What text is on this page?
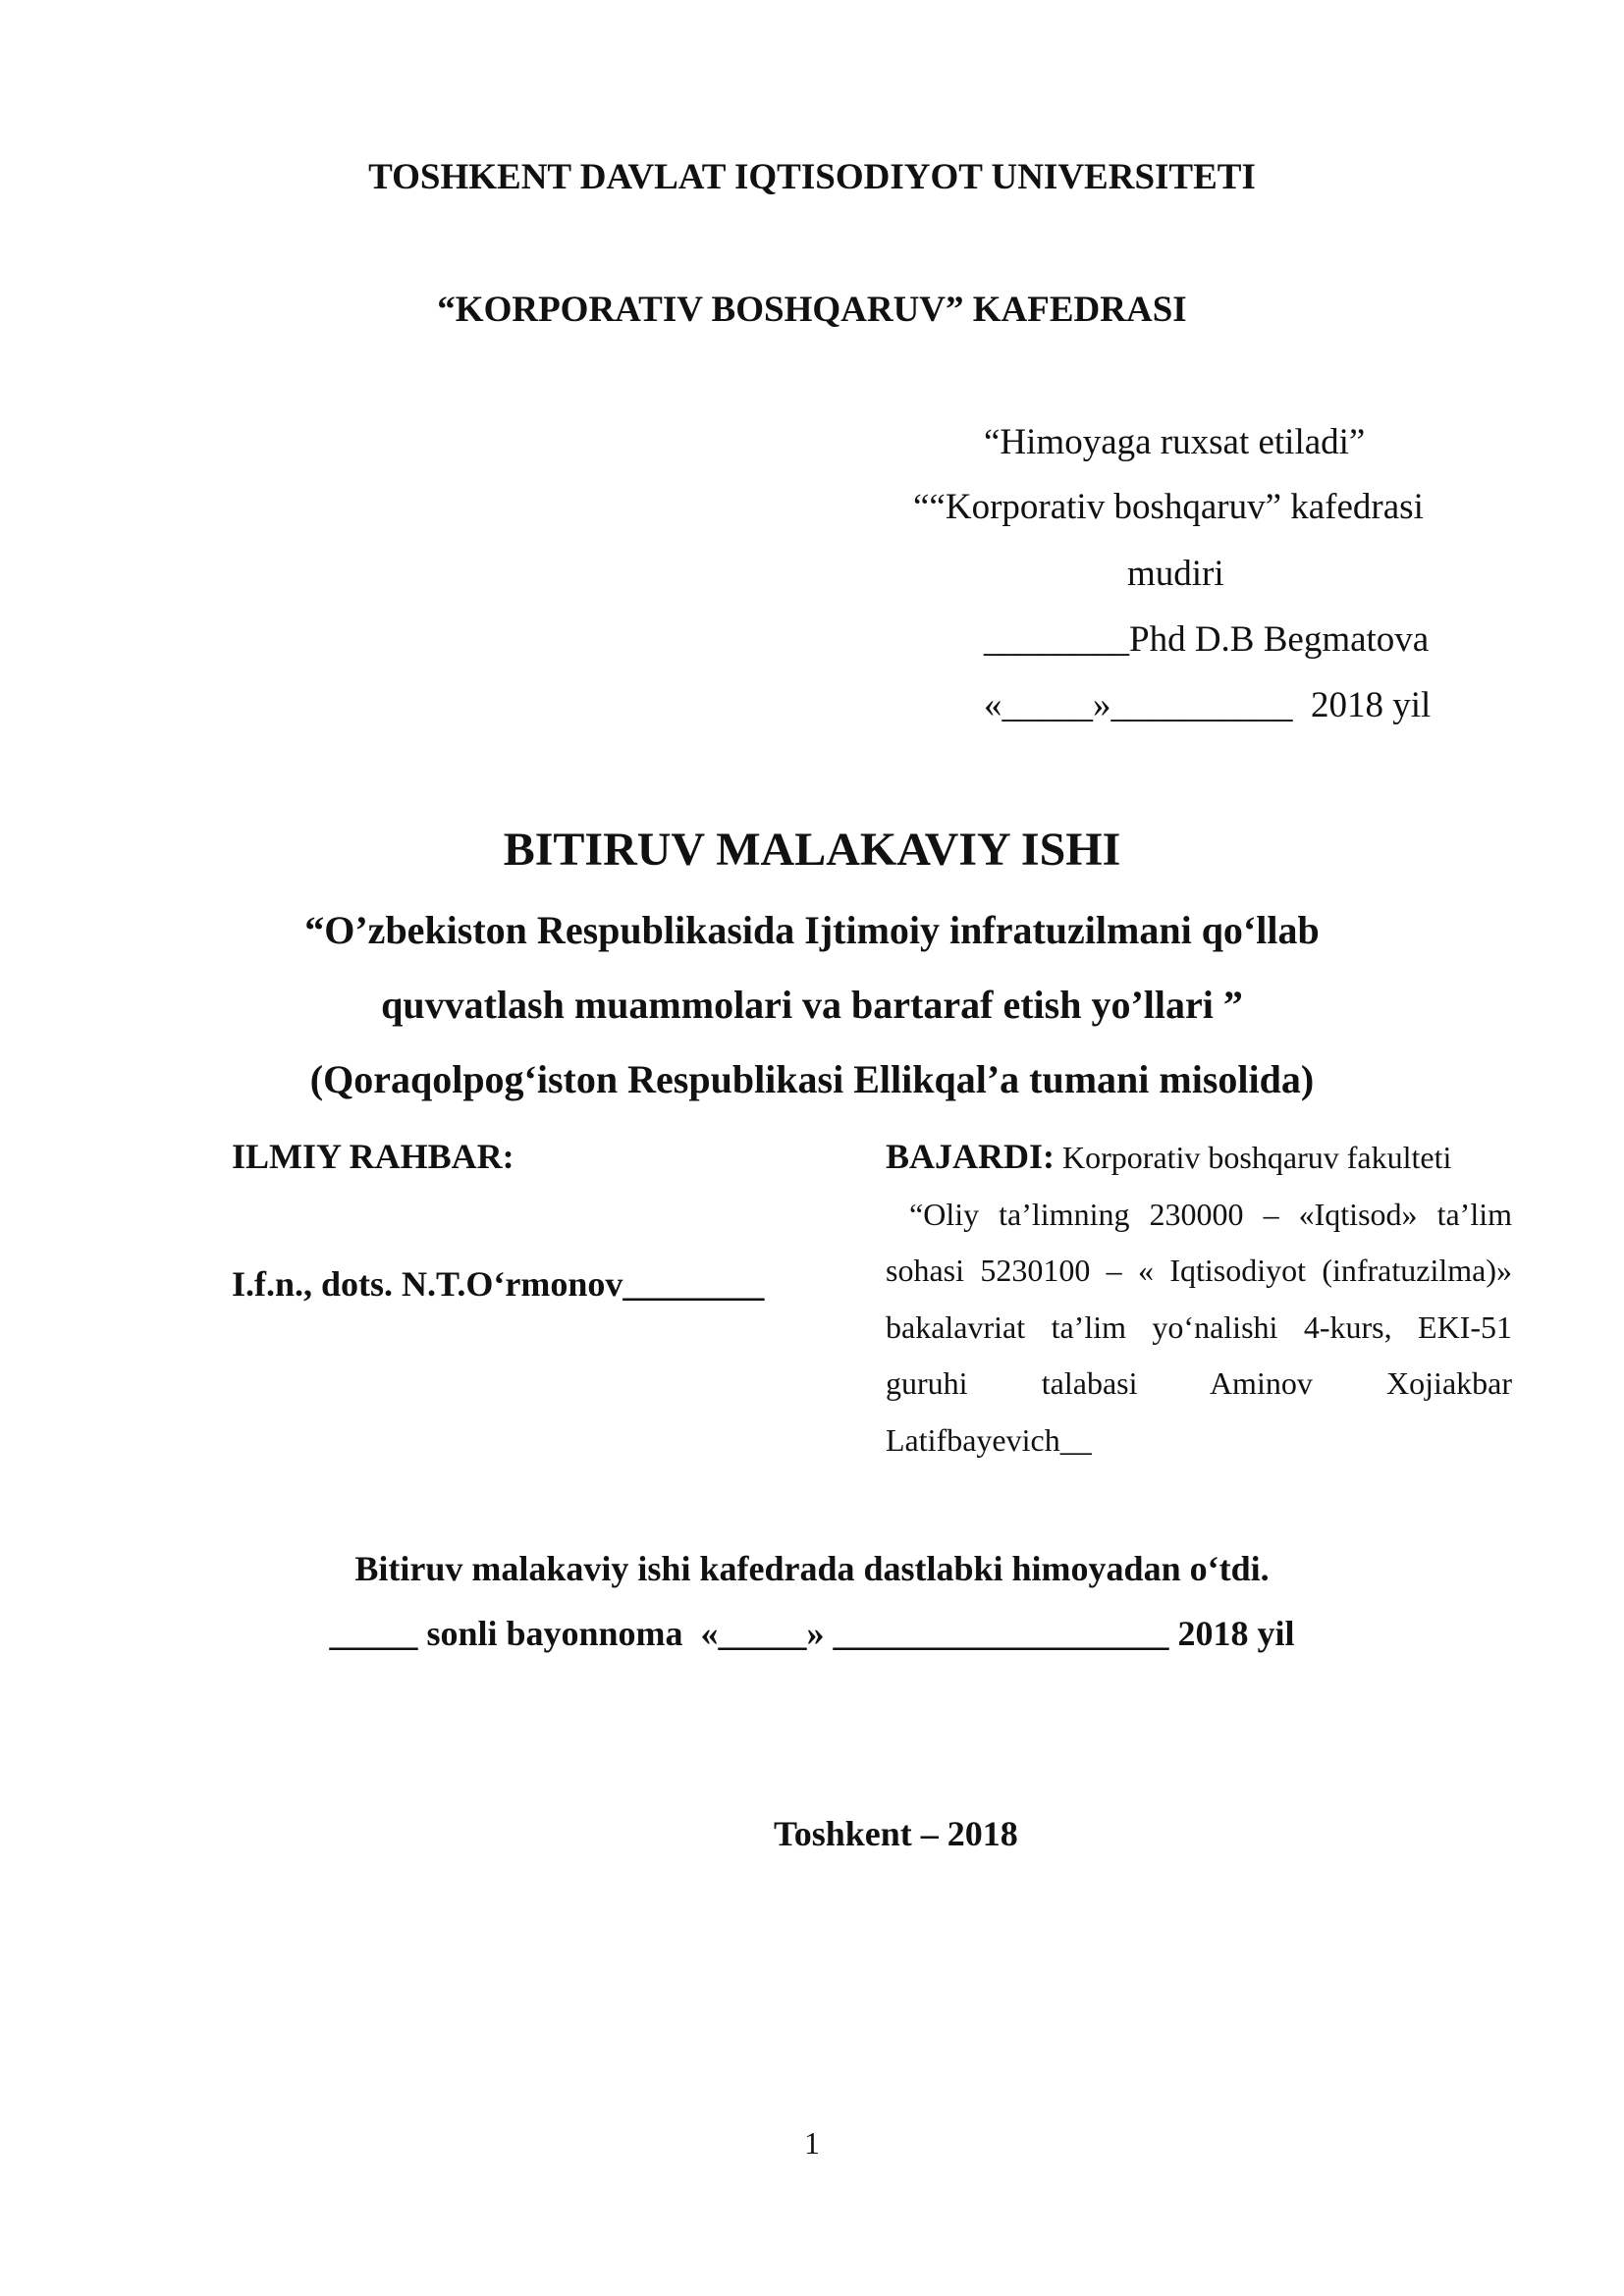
TOSHKENT DAVLAT IQTISODIYOT UNIVERSITETI
“KORPORATIV BOSHQARUV” KAFEDRASI
“Himoyaga ruxsat etiladi”
““Korporativ boshqaruv” kafedrasi
mudiri
________Phd D.B Begmatova
«_____»__________  2018 yil
BITIRUV MALAKAVIY ISHI
“O’zbekiston Respublikasida Ijtimoiy infratuzilmani qo‘llab
quvvatlash muammolari va bartaraf etish yo’llari ”
(Qoraqolpog‘iston Respublikasi Ellikqal’a tumani misolida)
ILMIY RAHBAR:
I.f.n., dots. N.T.O‘rmonov________
BAJARDI: Korporativ boshqaruv fakulteti
“Oliy ta’limning 230000 – «Iqtisod» ta’lim
sohasi 5230100 – « Iqtisodiyot (infratuzilma)»
bakalavriat ta’lim yo‘nalishi 4-kurs, EKI-51
guruhi talabasi Aminov Xojiakbar
Latifbayevich__
Bitiruv malakaviy ishi kafedrada dastlabki himoyadan o‘tdi.
_____ sonli bayonnoma  «_____» ___________________ 2018 yil
Toshkent – 2018
1
